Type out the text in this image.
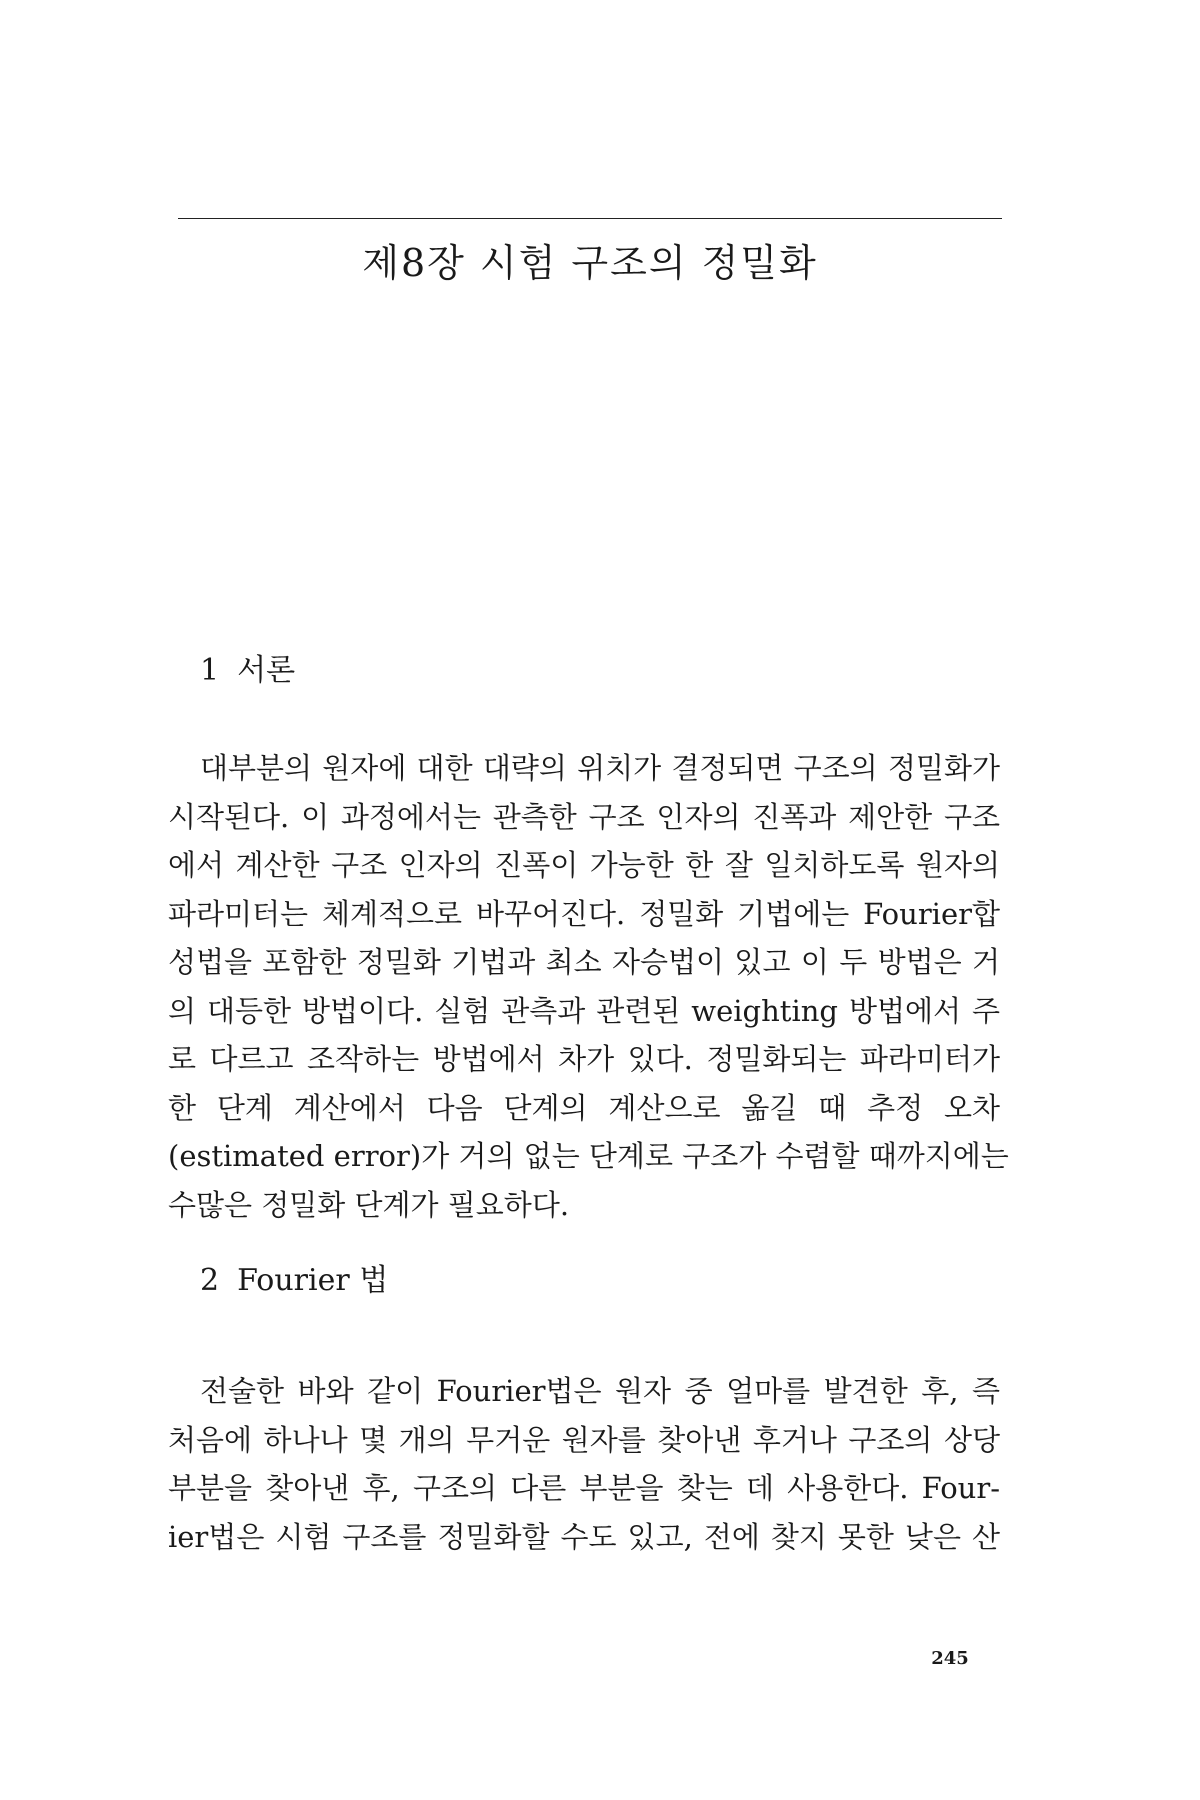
제8장 시험 구조의 정밀화
1 서론
대부분의 원자에 대한 대략의 위치가 결정되면 구조의 정밀화가
시작된다. 이 과정에서는 관측한 구조 인자의 진폭과 제안한 구조
에서 계산한 구조 인자의 진폭이 가능한 한 잘 일치하도록 원자의
파라미터는 체계적으로 바꾸어진다. 정밀화 기법에는 Fourier합
성법을 포함한 정밀화 기법과 최소 자승법이 있고 이 두 방법은 거
의 대등한 방법이다. 실험 관측과 관련된 weighting 방법에서 주
로 다르고 조작하는 방법에서 차가 있다. 정밀화되는 파라미터가
한 단계 계산에서 다음 단계의 계산으로 옮길 때 추정 오차
(estimated error)가 거의 없는 단계로 구조가 수렴할 때까지에는
수많은 정밀화 단계가 필요하다.
2 Fourier 법
전술한 바와 같이 Fourier법은 원자 중 얼마를 발견한 후, 즉
처음에 하나나 몇 개의 무거운 원자를 찾아낸 후거나 구조의 상당
부분을 찾아낸 후, 구조의 다른 부분을 찾는 데 사용한다. Four-
ier법은 시험 구조를 정밀화할 수도 있고, 전에 찾지 못한 낮은 산
245
